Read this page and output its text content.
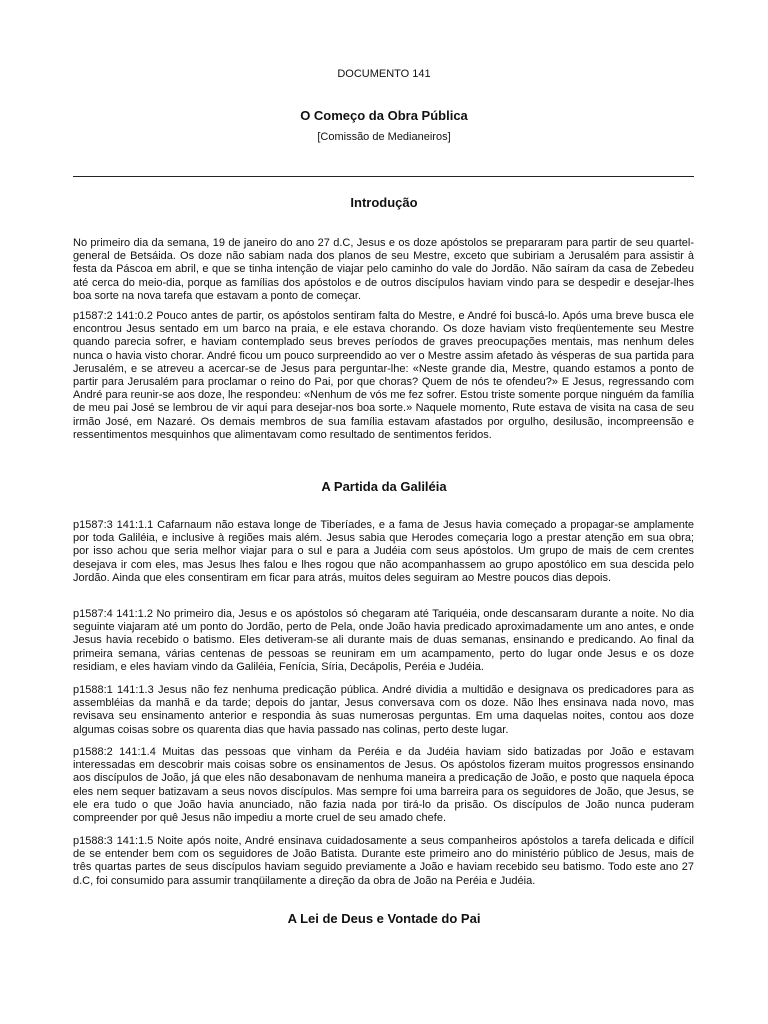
DOCUMENTO 141
O Começo da Obra Pública
[Comissão de Medianeiros]
Introdução

No primeiro dia da semana, 19 de janeiro do ano 27 d.C, Jesus e os doze apóstolos se prepararam para partir de seu quartel-general de Betsáida. Os doze não sabiam nada dos planos de seu Mestre, exceto que subiriam a Jerusalém para assistir à festa da Páscoa em abril, e que se tinha intenção de viajar pelo caminho do vale do Jordão. Não saíram da casa de Zebedeu até cerca do meio-dia, porque as famílias dos apóstolos e de outros discípulos haviam vindo para se despedir e desejar-lhes boa sorte na nova tarefa que estavam a ponto de começar.

p1587:2 141:0.2 Pouco antes de partir, os apóstolos sentiram falta do Mestre, e André foi buscá-lo. Após uma breve busca ele encontrou Jesus sentado em um barco na praia, e ele estava chorando. Os doze haviam visto freqüentemente seu Mestre quando parecia sofrer, e haviam contemplado seus breves períodos de graves preocupações mentais, mas nenhum deles nunca o havia visto chorar. André ficou um pouco surpreendido ao ver o Mestre assim afetado às vésperas de sua partida para Jerusalém, e se atreveu a acercar-se de Jesus para perguntar-lhe: «Neste grande dia, Mestre, quando estamos a ponto de partir para Jerusalém para proclamar o reino do Pai, por que choras? Quem de nós te ofendeu?» E Jesus, regressando com André para reunir-se aos doze, lhe respondeu: «Nenhum de vós me fez sofrer. Estou triste somente porque ninguém da família de meu pai José se lembrou de vir aqui para desejar-nos boa sorte.» Naquele momento, Rute estava de visita na casa de seu irmão José, em Nazaré. Os demais membros de sua família estavam afastados por orgulho, desilusão, incompreensão e ressentimentos mesquinhos que alimentavam como resultado de sentimentos feridos.

A Partida da Galiléia

p1587:3 141:1.1 Cafarnaum não estava longe de Tiberíades, e a fama de Jesus havia começado a propagar-se amplamente por toda Galiléia, e inclusive à regiões mais além. Jesus sabia que Herodes começaria logo a prestar atenção em sua obra; por isso achou que seria melhor viajar para o sul e para a Judéia com seus apóstolos. Um grupo de mais de cem crentes desejava ir com eles, mas Jesus lhes falou e lhes rogou que não acompanhassem ao grupo apostólico em sua descida pelo Jordão. Ainda que eles consentiram em ficar para atrás, muitos deles seguiram ao Mestre poucos dias depois.

p1587:4 141:1.2 No primeiro dia, Jesus e os apóstolos só chegaram até Tariquéia, onde descansaram durante a noite. No dia seguinte viajaram até um ponto do Jordão, perto de Pela, onde João havia predicado aproximadamente um ano antes, e onde Jesus havia recebido o batismo. Eles detiveram-se ali durante mais de duas semanas, ensinando e predicando. Ao final da primeira semana, várias centenas de pessoas se reuniram em um acampamento, perto do lugar onde Jesus e os doze residiam, e eles haviam vindo da Galiléia, Fenícia, Síria, Decápolis, Peréia e Judéia.

p1588:1 141:1.3 Jesus não fez nenhuma predicação pública. André dividia a multidão e designava os predicadores para as assembléias da manhã e da tarde; depois do jantar, Jesus conversava com os doze. Não lhes ensinava nada novo, mas revisava seu ensinamento anterior e respondia às suas numerosas perguntas. Em uma daquelas noites, contou aos doze algumas coisas sobre os quarenta dias que havia passado nas colinas, perto deste lugar.

p1588:2 141:1.4 Muitas das pessoas que vinham da Peréia e da Judéia haviam sido batizadas por João e estavam interessadas em descobrir mais coisas sobre os ensinamentos de Jesus. Os apóstolos fizeram muitos progressos ensinando aos discípulos de João, já que eles não desabonavam de nenhuma maneira a predicação de João, e posto que naquela época eles nem sequer batizavam a seus novos discípulos. Mas sempre foi uma barreira para os seguidores de João, que Jesus, se ele era tudo o que João havia anunciado, não fazia nada por tirá-lo da prisão. Os discípulos de João nunca puderam compreender por quê Jesus não impediu a morte cruel de seu amado chefe.

p1588:3 141:1.5 Noite após noite, André ensinava cuidadosamente a seus companheiros apóstolos a tarefa delicada e difícil de se entender bem com os seguidores de João Batista. Durante este primeiro ano do ministério público de Jesus, mais de três quartas partes de seus discípulos haviam seguido previamente a João e haviam recebido seu batismo. Todo este ano 27 d.C, foi consumido para assumir tranqüilamente a direção da obra de João na Peréia e Judéia.

A Lei de Deus e Vontade do Pai
